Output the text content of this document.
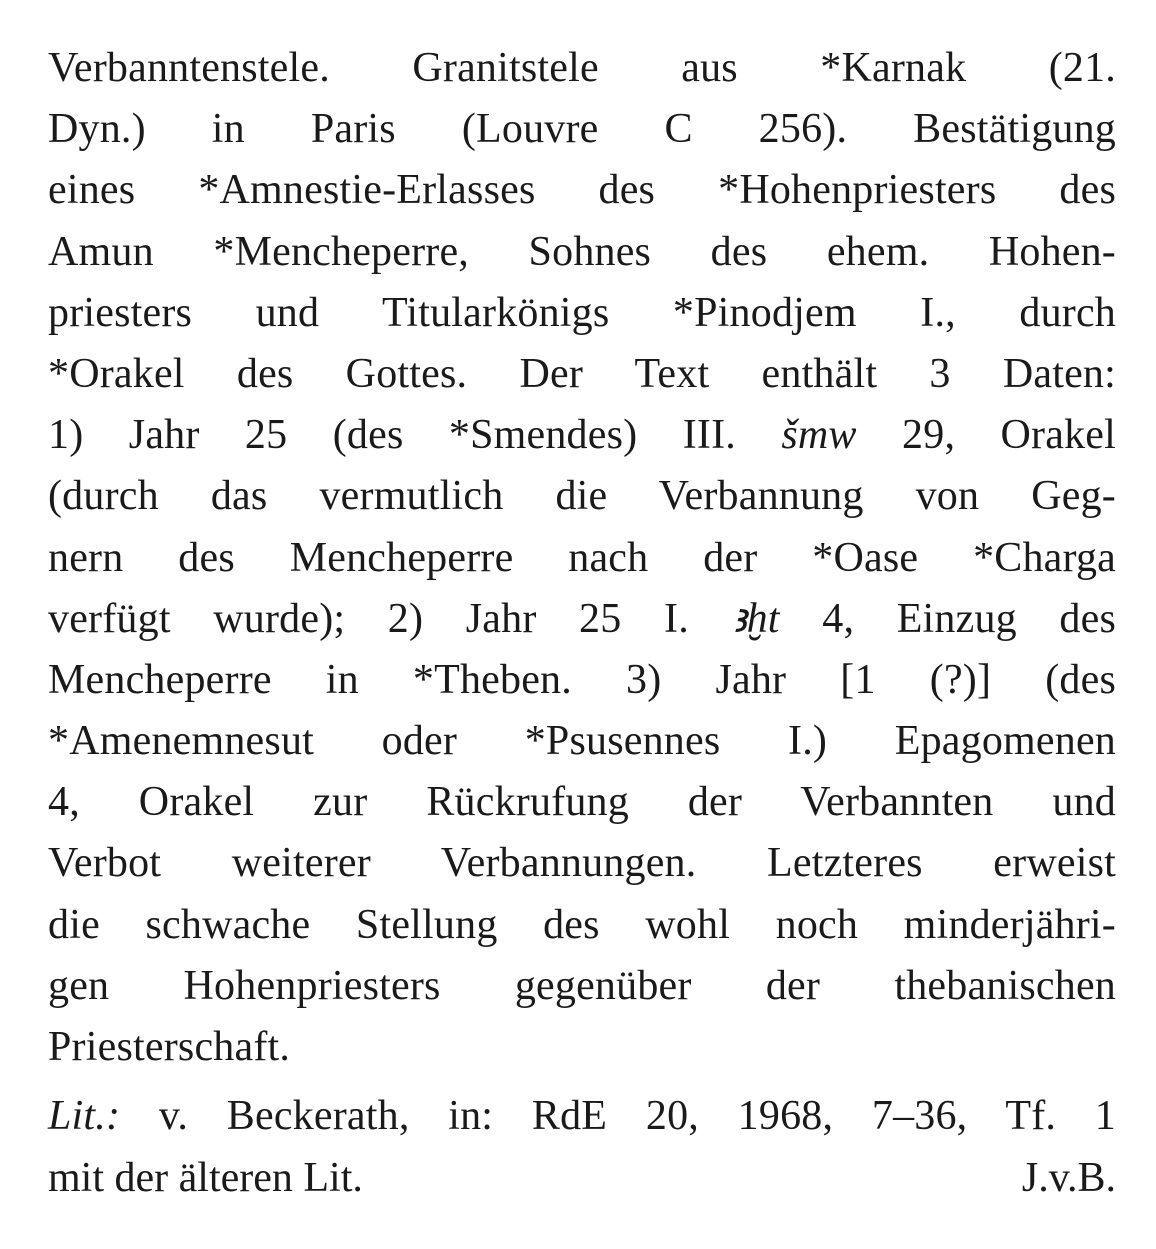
Verbanntenstele. Granitstele aus *Karnak (21.
Dyn.) in Paris (Louvre C 256). Bestätigung
eines *Amnestie-Erlasses des *Hohenpriesters des
Amun *Mencheperre, Sohnes des ehem. Hohen-
priesters und Titularkönigs *Pinodjem I., durch
*Orakel des Gottes. Der Text enthält 3 Daten:
1) Jahr 25 (des *Smendes) III. šmw 29, Orakel
(durch das vermutlich die Verbannung von Geg-
nern des Mencheperre nach der *Oase *Charga
verfügt wurde); 2) Jahr 25 I. ꜣḫt 4, Einzug des
Mencheperre in *Theben. 3) Jahr [1 (?)] (des
*Amenemnesut oder *Psusennes I.) Epagomenen
4, Orakel zur Rückrufung der Verbannten und
Verbot weiterer Verbannungen. Letzteres erweist
die schwache Stellung des wohl noch minderjähri-
gen Hohenpriesters gegenüber der thebanischen
Priesterschaft.
Lit.: v. Beckerath, in: RdE 20, 1968, 7–36, Tf. 1
mit der älteren Lit.	J.v.B.
